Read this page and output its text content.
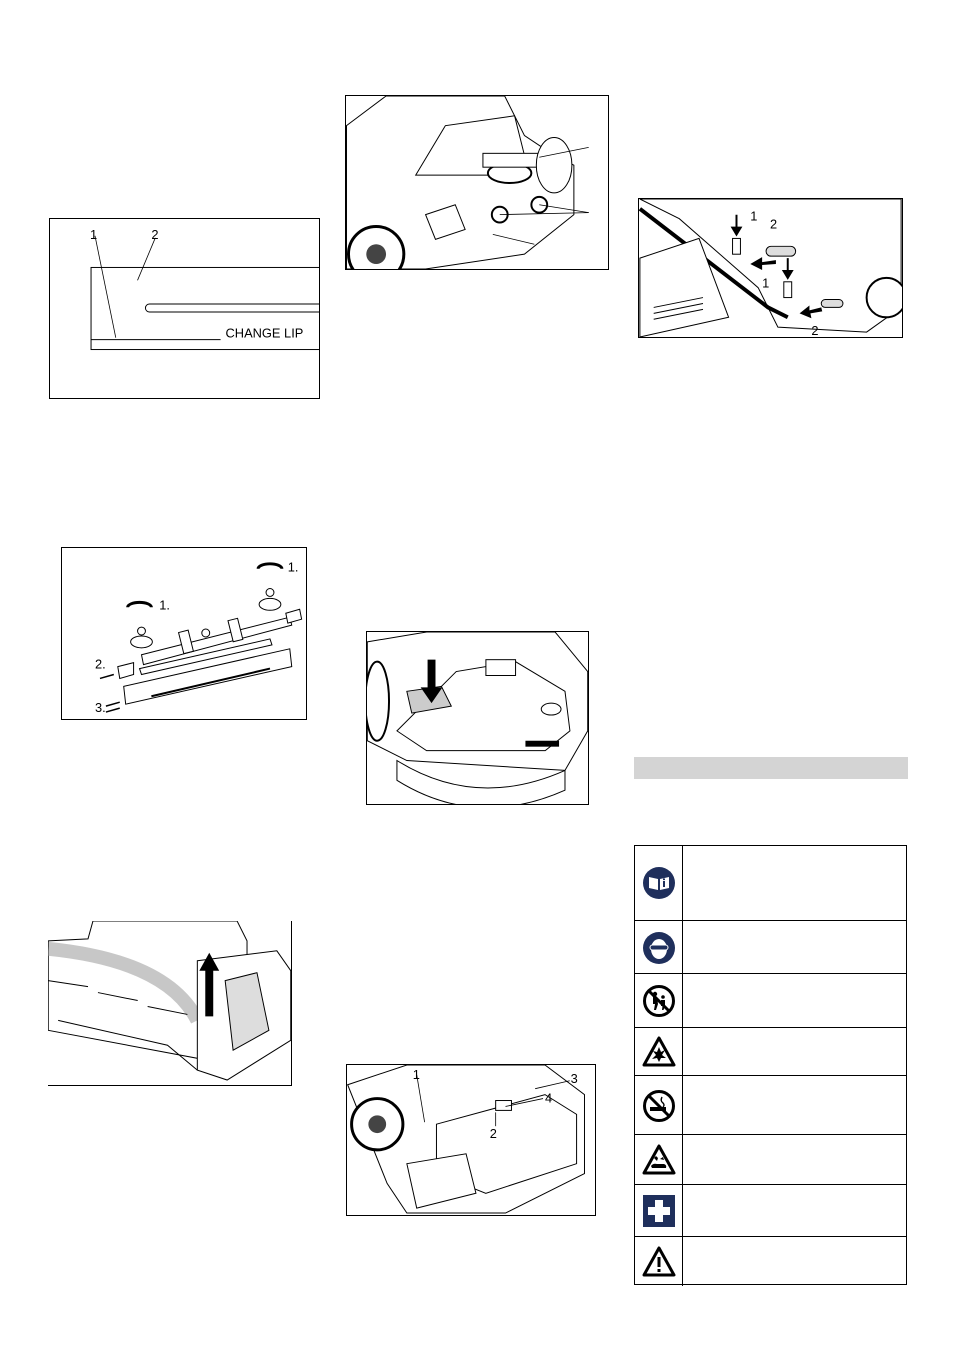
1	2
CHANGE LIP
1.
1.
2.
3.
1
2
3
4
1
2
1
2
